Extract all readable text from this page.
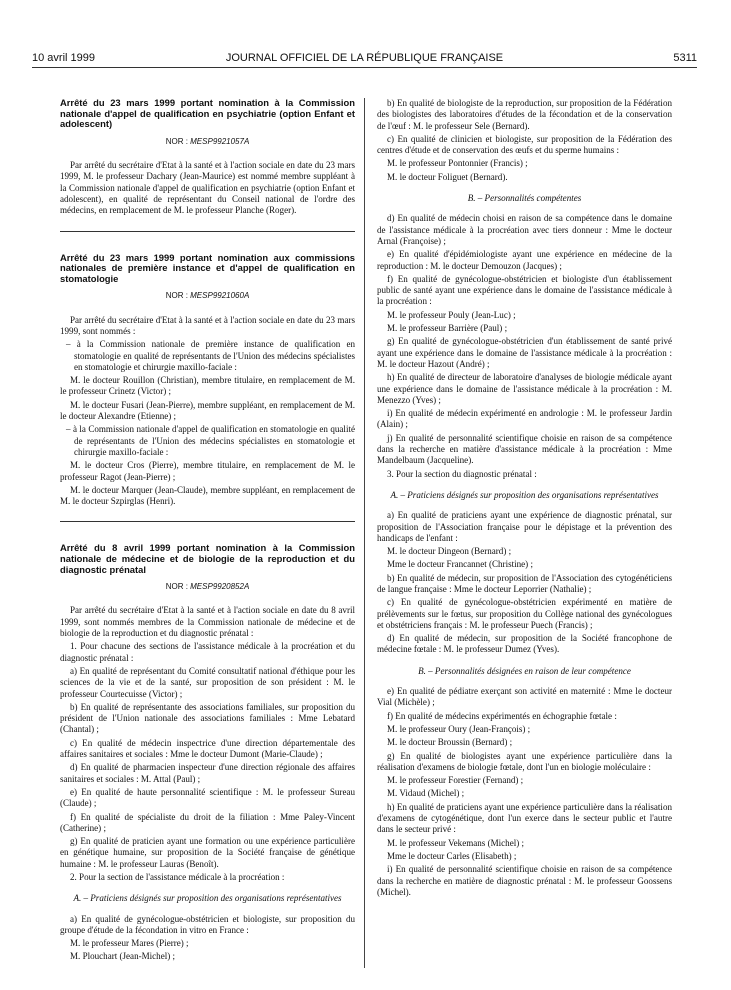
10 avril 1999	JOURNAL OFFICIEL DE LA RÉPUBLIQUE FRANÇAISE	5311
Arrêté du 23 mars 1999 portant nomination à la Commission nationale d'appel de qualification en psychiatrie (option Enfant et adolescent)
NOR : MESP9921057A

Par arrêté du secrétaire d'Etat à la santé et à l'action sociale en date du 23 mars 1999, M. le professeur Dachary (Jean-Maurice) est nommé membre suppléant à la Commission nationale d'appel de qualification en psychiatrie (option Enfant et adolescent), en qualité de représentant du Conseil national de l'ordre des médecins, en remplacement de M. le professeur Planche (Roger).

Arrêté du 23 mars 1999 portant nomination aux commissions nationales de première instance et d'appel de qualification en stomatologie
NOR : MESP9921060A

Par arrêté du secrétaire d'Etat à la santé et à l'action sociale en date du 23 mars 1999, sont nommés :

– à la Commission nationale de première instance de qualification en stomatologie en qualité de représentants de l'Union des médecins spécialistes en stomatologie et chirurgie maxillo-faciale :

M. le docteur Rouillon (Christian), membre titulaire, en remplacement de M. le professeur Crinetz (Victor) ;

M. le docteur Fusari (Jean-Pierre), membre suppléant, en remplacement de M. le docteur Alexandre (Etienne) ;

– à la Commission nationale d'appel de qualification en stomatologie en qualité de représentants de l'Union des médecins spécialistes en stomatologie et chirurgie maxillo-faciale :

M. le docteur Cros (Pierre), membre titulaire, en remplacement de M. le professeur Ragot (Jean-Pierre) ;

M. le docteur Marquer (Jean-Claude), membre suppléant, en remplacement de M. le docteur Szpirglas (Henri).

Arrêté du 8 avril 1999 portant nomination à la Commission nationale de médecine et de biologie de la reproduction et du diagnostic prénatal
NOR : MESP9920852A

Par arrêté du secrétaire d'Etat à la santé et à l'action sociale en date du 8 avril 1999, sont nommés membres de la Commission nationale de médecine et de biologie de la reproduction et du diagnostic prénatal :

1. Pour chacune des sections de l'assistance médicale à la procréation et du diagnostic prénatal :

a) En qualité de représentant du Comité consultatif national d'éthique pour les sciences de la vie et de la santé, sur proposition de son président : M. le professeur Courtecuisse (Victor) ;

b) En qualité de représentante des associations familiales, sur proposition du président de l'Union nationale des associations familiales : Mme Lebatard (Chantal) ;

c) En qualité de médecin inspectrice d'une direction départementale des affaires sanitaires et sociales : Mme le docteur Dumont (Marie-Claude) ;

d) En qualité de pharmacien inspecteur d'une direction régionale des affaires sanitaires et sociales : M. Attal (Paul) ;

e) En qualité de haute personnalité scientifique : M. le professeur Sureau (Claude) ;

f) En qualité de spécialiste du droit de la filiation : Mme Paley-Vincent (Catherine) ;

g) En qualité de praticien ayant une formation ou une expérience particulière en génétique humaine, sur proposition de la Société française de génétique humaine : M. le professeur Lauras (Benoît).

2. Pour la section de l'assistance médicale à la procréation :

A. – Praticiens désignés sur proposition des organisations représentatives

a) En qualité de gynécologue-obstétricien et biologiste, sur proposition du groupe d'étude de la fécondation in vitro en France :

M. le professeur Mares (Pierre) ;

M. Plouchart (Jean-Michel) ;

b) En qualité de biologiste de la reproduction, sur proposition de la Fédération des biologistes des laboratoires d'études de la fécondation et de la conservation de l'œuf : M. le professeur Sele (Bernard).

c) En qualité de clinicien et biologiste, sur proposition de la Fédération des centres d'étude et de conservation des œufs et du sperme humains :

M. le professeur Pontonnier (Francis) ;

M. le docteur Foliguet (Bernard).

B. – Personnalités compétentes

d) En qualité de médecin choisi en raison de sa compétence dans le domaine de l'assistance médicale à la procréation avec tiers donneur : Mme le docteur Arnal (Françoise) ;

e) En qualité d'épidémiologiste ayant une expérience en médecine de la reproduction : M. le docteur Demouzon (Jacques) ;

f) En qualité de gynécologue-obstétricien et biologiste d'un établissement public de santé ayant une expérience dans le domaine de l'assistance médicale à la procréation :

M. le professeur Pouly (Jean-Luc) ;

M. le professeur Barrière (Paul) ;

g) En qualité de gynécologue-obstétricien d'un établissement de santé privé ayant une expérience dans le domaine de l'assistance médicale à la procréation : M. le docteur Hazout (André) ;

h) En qualité de directeur de laboratoire d'analyses de biologie médicale ayant une expérience dans le domaine de l'assistance médicale à la procréation : M. Menezzo (Yves) ;

i) En qualité de médecin expérimenté en andrologie : M. le professeur Jardin (Alain) ;

j) En qualité de personnalité scientifique choisie en raison de sa compétence dans la recherche en matière d'assistance médicale à la procréation : Mme Mandelbaum (Jacqueline).

3. Pour la section du diagnostic prénatal :

A. – Praticiens désignés sur proposition des organisations représentatives

a) En qualité de praticiens ayant une expérience de diagnostic prénatal, sur proposition de l'Association française pour le dépistage et la prévention des handicaps de l'enfant :

M. le docteur Dingeon (Bernard) ;

Mme le docteur Francannet (Christine) ;

b) En qualité de médecin, sur proposition de l'Association des cytogénéticiens de langue française : Mme le docteur Leporrier (Nathalie) ;

c) En qualité de gynécologue-obstétricien expérimenté en matière de prélèvements sur le fœtus, sur proposition du Collège national des gynécologues et obstétriciens français : M. le professeur Puech (Francis) ;

d) En qualité de médecin, sur proposition de la Société francophone de médecine fœtale : M. le professeur Dumez (Yves).

B. – Personnalités désignées en raison de leur compétence

e) En qualité de pédiatre exerçant son activité en maternité : Mme le docteur Vial (Michèle) ;

f) En qualité de médecins expérimentés en échographie fœtale :

M. le professeur Oury (Jean-François) ;

M. le docteur Broussin (Bernard) ;

g) En qualité de biologistes ayant une expérience particulière dans la réalisation d'examens de biologie fœtale, dont l'un en biologie moléculaire :

M. le professeur Forestier (Fernand) ;

M. Vidaud (Michel) ;

h) En qualité de praticiens ayant une expérience particulière dans la réalisation d'examens de cytogénétique, dont l'un exerce dans le secteur public et l'autre dans le secteur privé :

M. le professeur Vekemans (Michel) ;

Mme le docteur Carles (Elisabeth) ;

i) En qualité de personnalité scientifique choisie en raison de sa compétence dans la recherche en matière de diagnostic prénatal : M. le professeur Goossens (Michel).
